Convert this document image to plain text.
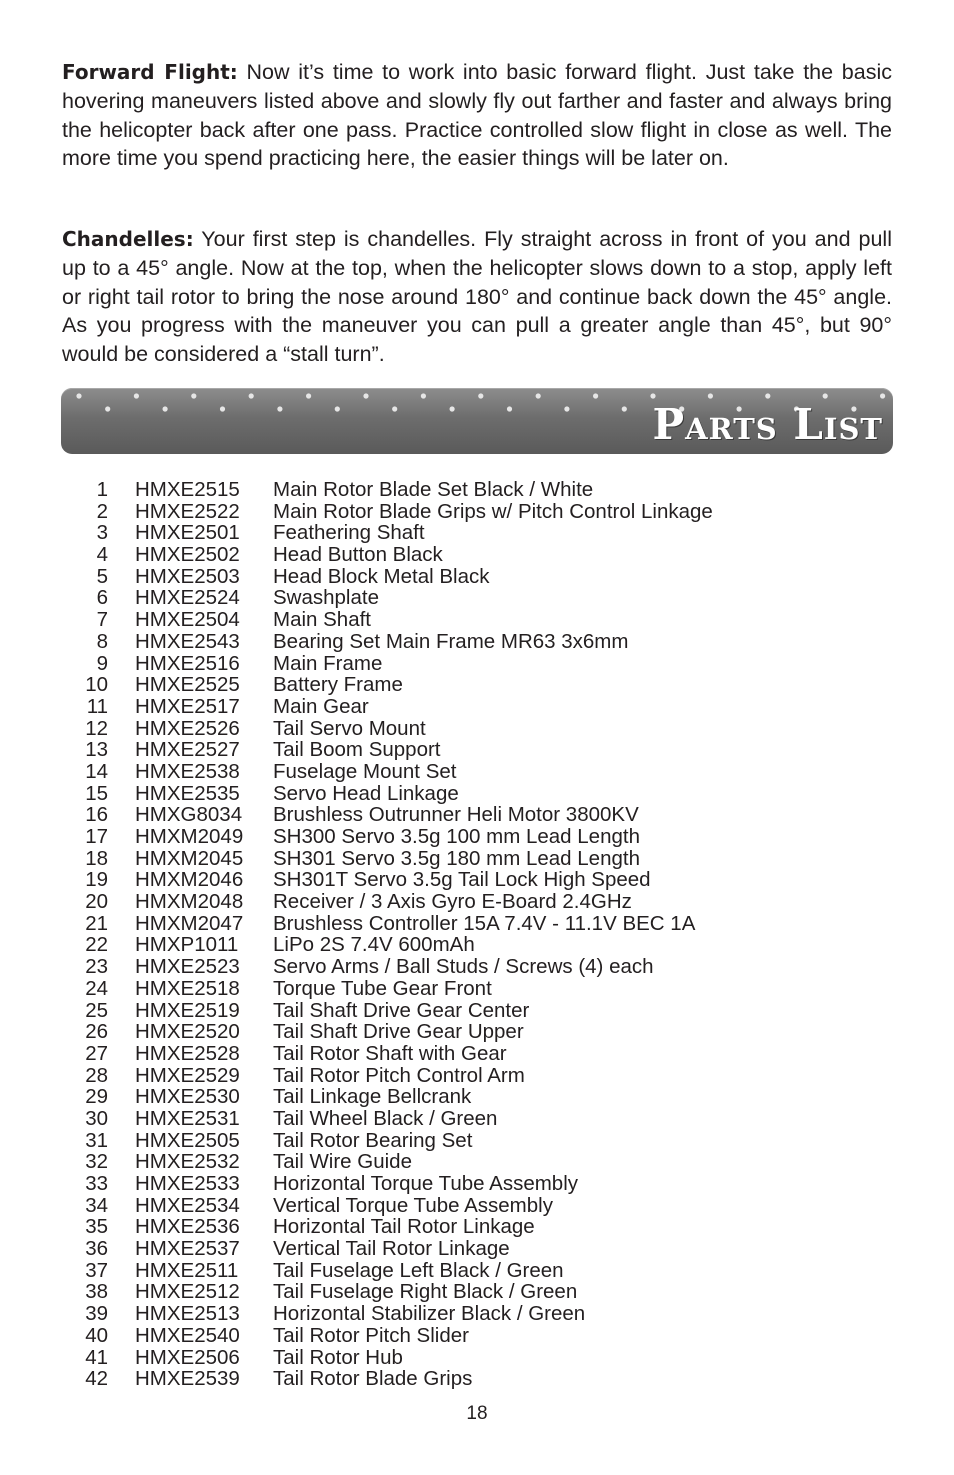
Forward Flight: Now it’s time to work into basic forward flight. Just take the basic hovering maneuvers listed above and slowly fly out farther and faster and always bring the helicopter back after one pass. Practice controlled slow flight in close as well. The more time you spend practicing here, the easier things will be later on.

Chandelles: Your first step is chandelles. Fly straight across in front of you and pull up to a 45° angle. Now at the top, when the helicopter slows down to a stop, apply left or right tail rotor to bring the nose around 180° and continue back down the 45° angle. As you progress with the maneuver you can pull a greater angle than 45°, but 90° would be considered a “stall turn”.

Parts List
1 HMXE2515 Main Rotor Blade Set Black / White
2 HMXE2522 Main Rotor Blade Grips w/ Pitch Control Linkage
3 HMXE2501 Feathering Shaft
4 HMXE2502 Head Button Black
5 HMXE2503 Head Block Metal Black
6 HMXE2524 Swashplate
7 HMXE2504 Main Shaft
8 HMXE2543 Bearing Set Main Frame MR63 3x6mm
9 HMXE2516 Main Frame
10 HMXE2525 Battery Frame
11 HMXE2517 Main Gear
12 HMXE2526 Tail Servo Mount
13 HMXE2527 Tail Boom Support
14 HMXE2538 Fuselage Mount Set
15 HMXE2535 Servo Head Linkage
16 HMXG8034 Brushless Outrunner Heli Motor 3800KV
17 HMXM2049 SH300 Servo 3.5g 100 mm Lead Length
18 HMXM2045 SH301 Servo 3.5g 180 mm Lead Length
19 HMXM2046 SH301T Servo 3.5g Tail Lock High Speed
20 HMXM2048 Receiver / 3 Axis Gyro E-Board 2.4GHz
21 HMXM2047 Brushless Controller 15A 7.4V - 11.1V BEC 1A
22 HMXP1011 LiPo 2S 7.4V 600mAh
23 HMXE2523 Servo Arms / Ball Studs / Screws (4) each
24 HMXE2518 Torque Tube Gear Front
25 HMXE2519 Tail Shaft Drive Gear Center
26 HMXE2520 Tail Shaft Drive Gear Upper
27 HMXE2528 Tail Rotor Shaft with Gear
28 HMXE2529 Tail Rotor Pitch Control Arm
29 HMXE2530 Tail Linkage Bellcrank
30 HMXE2531 Tail Wheel Black / Green
31 HMXE2505 Tail Rotor Bearing Set
32 HMXE2532 Tail Wire Guide
33 HMXE2533 Horizontal Torque Tube Assembly
34 HMXE2534 Vertical Torque Tube Assembly
35 HMXE2536 Horizontal Tail Rotor Linkage
36 HMXE2537 Vertical Tail Rotor Linkage
37 HMXE2511 Tail Fuselage Left Black / Green
38 HMXE2512 Tail Fuselage Right Black / Green
39 HMXE2513 Horizontal Stabilizer Black / Green
40 HMXE2540 Tail Rotor Pitch Slider
41 HMXE2506 Tail Rotor Hub
42 HMXE2539 Tail Rotor Blade Grips
18
